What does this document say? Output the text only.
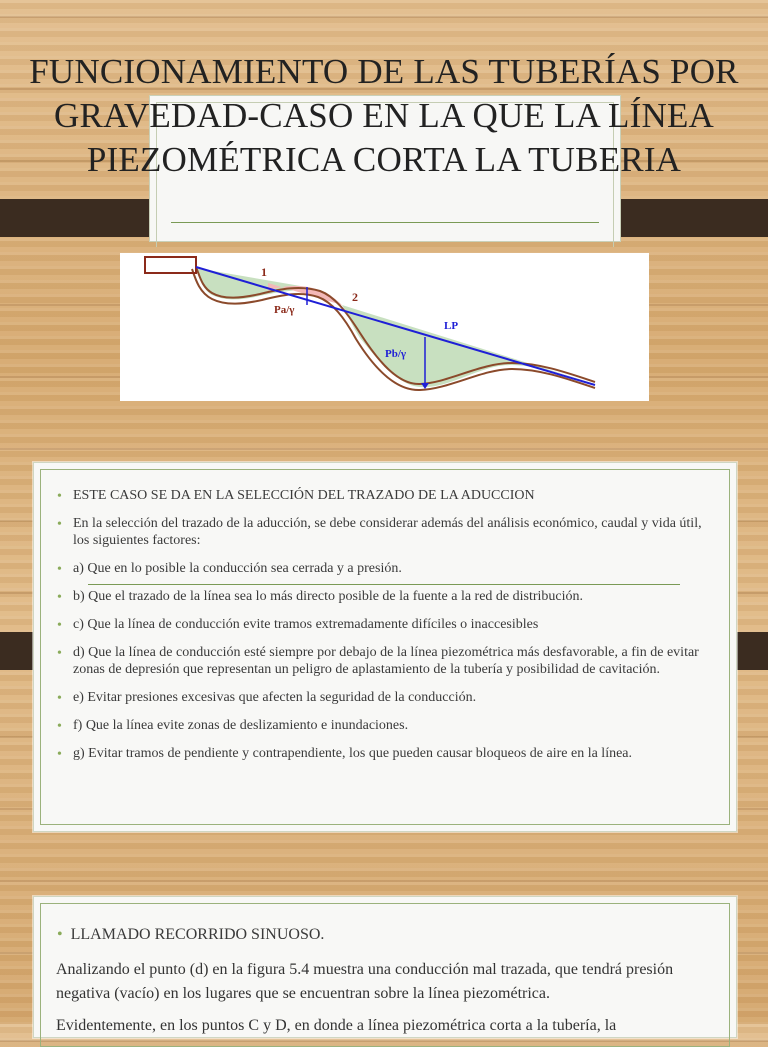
FUNCIONAMIENTO DE LAS TUBERÍAS POR GRAVEDAD-CASO EN LA QUE LA LÍNEA PIEZOMÉTRICA CORTA LA TUBERIA
1
2
Pa/γ
Pb/γ
LP
• ESTE CASO SE DA EN LA SELECCIÓN DEL TRAZADO DE LA ADUCCION
• En la selección del trazado de la aducción, se debe considerar además del análisis económico, caudal y vida útil, los siguientes factores:
• a) Que en lo posible la conducción sea cerrada y a presión.
• b) Que el trazado de la línea sea lo más directo posible de la fuente a la red de distribución.
• c) Que la línea de conducción evite tramos extremadamente difíciles o inaccesibles
• d) Que la línea de conducción esté siempre por debajo de la línea piezométrica más desfavorable, a fin de evitar zonas de depresión que representan un peligro de aplastamiento de la tubería y posibilidad de cavitación.
• e) Evitar presiones excesivas que afecten la seguridad de la conducción.
• f) Que la línea evite zonas de deslizamiento e inundaciones.
• g) Evitar tramos de pendiente y contrapendiente, los que pueden causar bloqueos de aire en la línea.
• LLAMADO RECORRIDO SINUOSO.

Analizando el punto (d) en la figura 5.4 muestra una conducción mal trazada, que tendrá presión negativa (vacío) en los lugares que se encuentran sobre la línea piezométrica.

Evidentemente, en los puntos C y D, en donde a línea piezométrica corta a la tubería, la
